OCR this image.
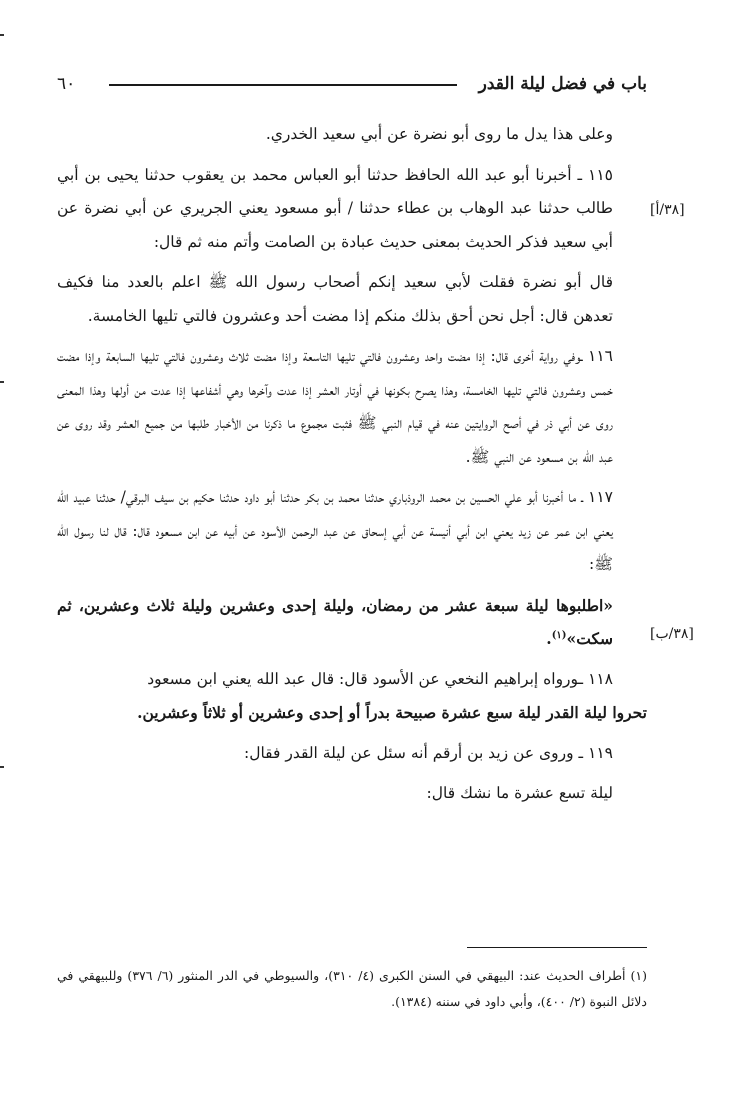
باب في فضل ليلة القدر
٦٠
[٣٨/أ]
[٣٨/ب]

وعلى هذا يدل ما روى أبو نضرة عن أبي سعيد الخدري.

١١٥ ـ أخبرنا أبو عبد الله الحافظ حدثنا أبو العباس محمد بن يعقوب حدثنا يحيى بن أبي طالب حدثنا عبد الوهاب بن عطاء حدثنا / أبو مسعود يعني الجريري عن أبي نضرة عن أبي سعيد فذكر الحديث بمعنى حديث عبادة بن الصامت وأتم منه ثم قال:

قال أبو نضرة فقلت لأبي سعيد إنكم أصحاب رسول الله ﷺ اعلم بالعدد منا فكيف تعدهن قال: أجل نحن أحق بذلك منكم إذا مضت أحد وعشرون فالتي تليها الخامسة.

١١٦ ـوفي رواية أخرى قال: إذا مضت واحد وعشرون فالتي تليها التاسعة وإذا مضت ثلاث وعشرون فالتي تليها السابعة وإذا مضت خمس وعشرون فالتي تليها الخامسة، وهذا يصرح بكونها في أوتار العشر إذا عدت وآخرها وهي أشفاعها إذا عدت من أولها وهذا المعنى روى عن أبي ذر في أصح الروايتين عنه في قيام النبي ﷺ فثبت مجموع ما ذكرنا من الأخبار طلبها من جميع العشر وقد روى عن عبد الله بن مسعود عن النبي ﷺ.

١١٧ ـ ما أخبرنا أبو علي الحسين بن محمد الروذباري حدثنا محمد بن بكر حدثنا أبو داود حدثنا حكيم بن سيف البرقي/ حدثنا عبيد الله يعني ابن عمر عن زيد يعني ابن أبي أنيسة عن أبي إسحاق عن عبد الرحمن الأسود عن أبيه عن ابن مسعود قال: قال لنا رسول الله ﷺ:

«اطلبوها ليلة سبعة عشر من رمضان، وليلة إحدى وعشرين وليلة ثلاث وعشرين، ثم سكت»$^{(١)}$.

١١٨ ـورواه إبراهيم النخعي عن الأسود قال: قال عبد الله يعني ابن مسعود

تحروا ليلة القدر ليلة سبع عشرة صبيحة بدراً أو إحدى وعشرين أو ثلاثاً وعشرين.

١١٩ ـ وروى عن زيد بن أرقم أنه سئل عن ليلة القدر فقال:

ليلة تسع عشرة ما نشك قال:

(١) أطراف الحديث عند: البيهقي في السنن الكبرى (٤/ ٣١٠)، والسيوطي في الدر المنثور (٦/ ٣٧٦) وللبيهقي في دلائل النبوة (٢/ ٤٠٠)، وأبي داود في سننه (١٣٨٤).
